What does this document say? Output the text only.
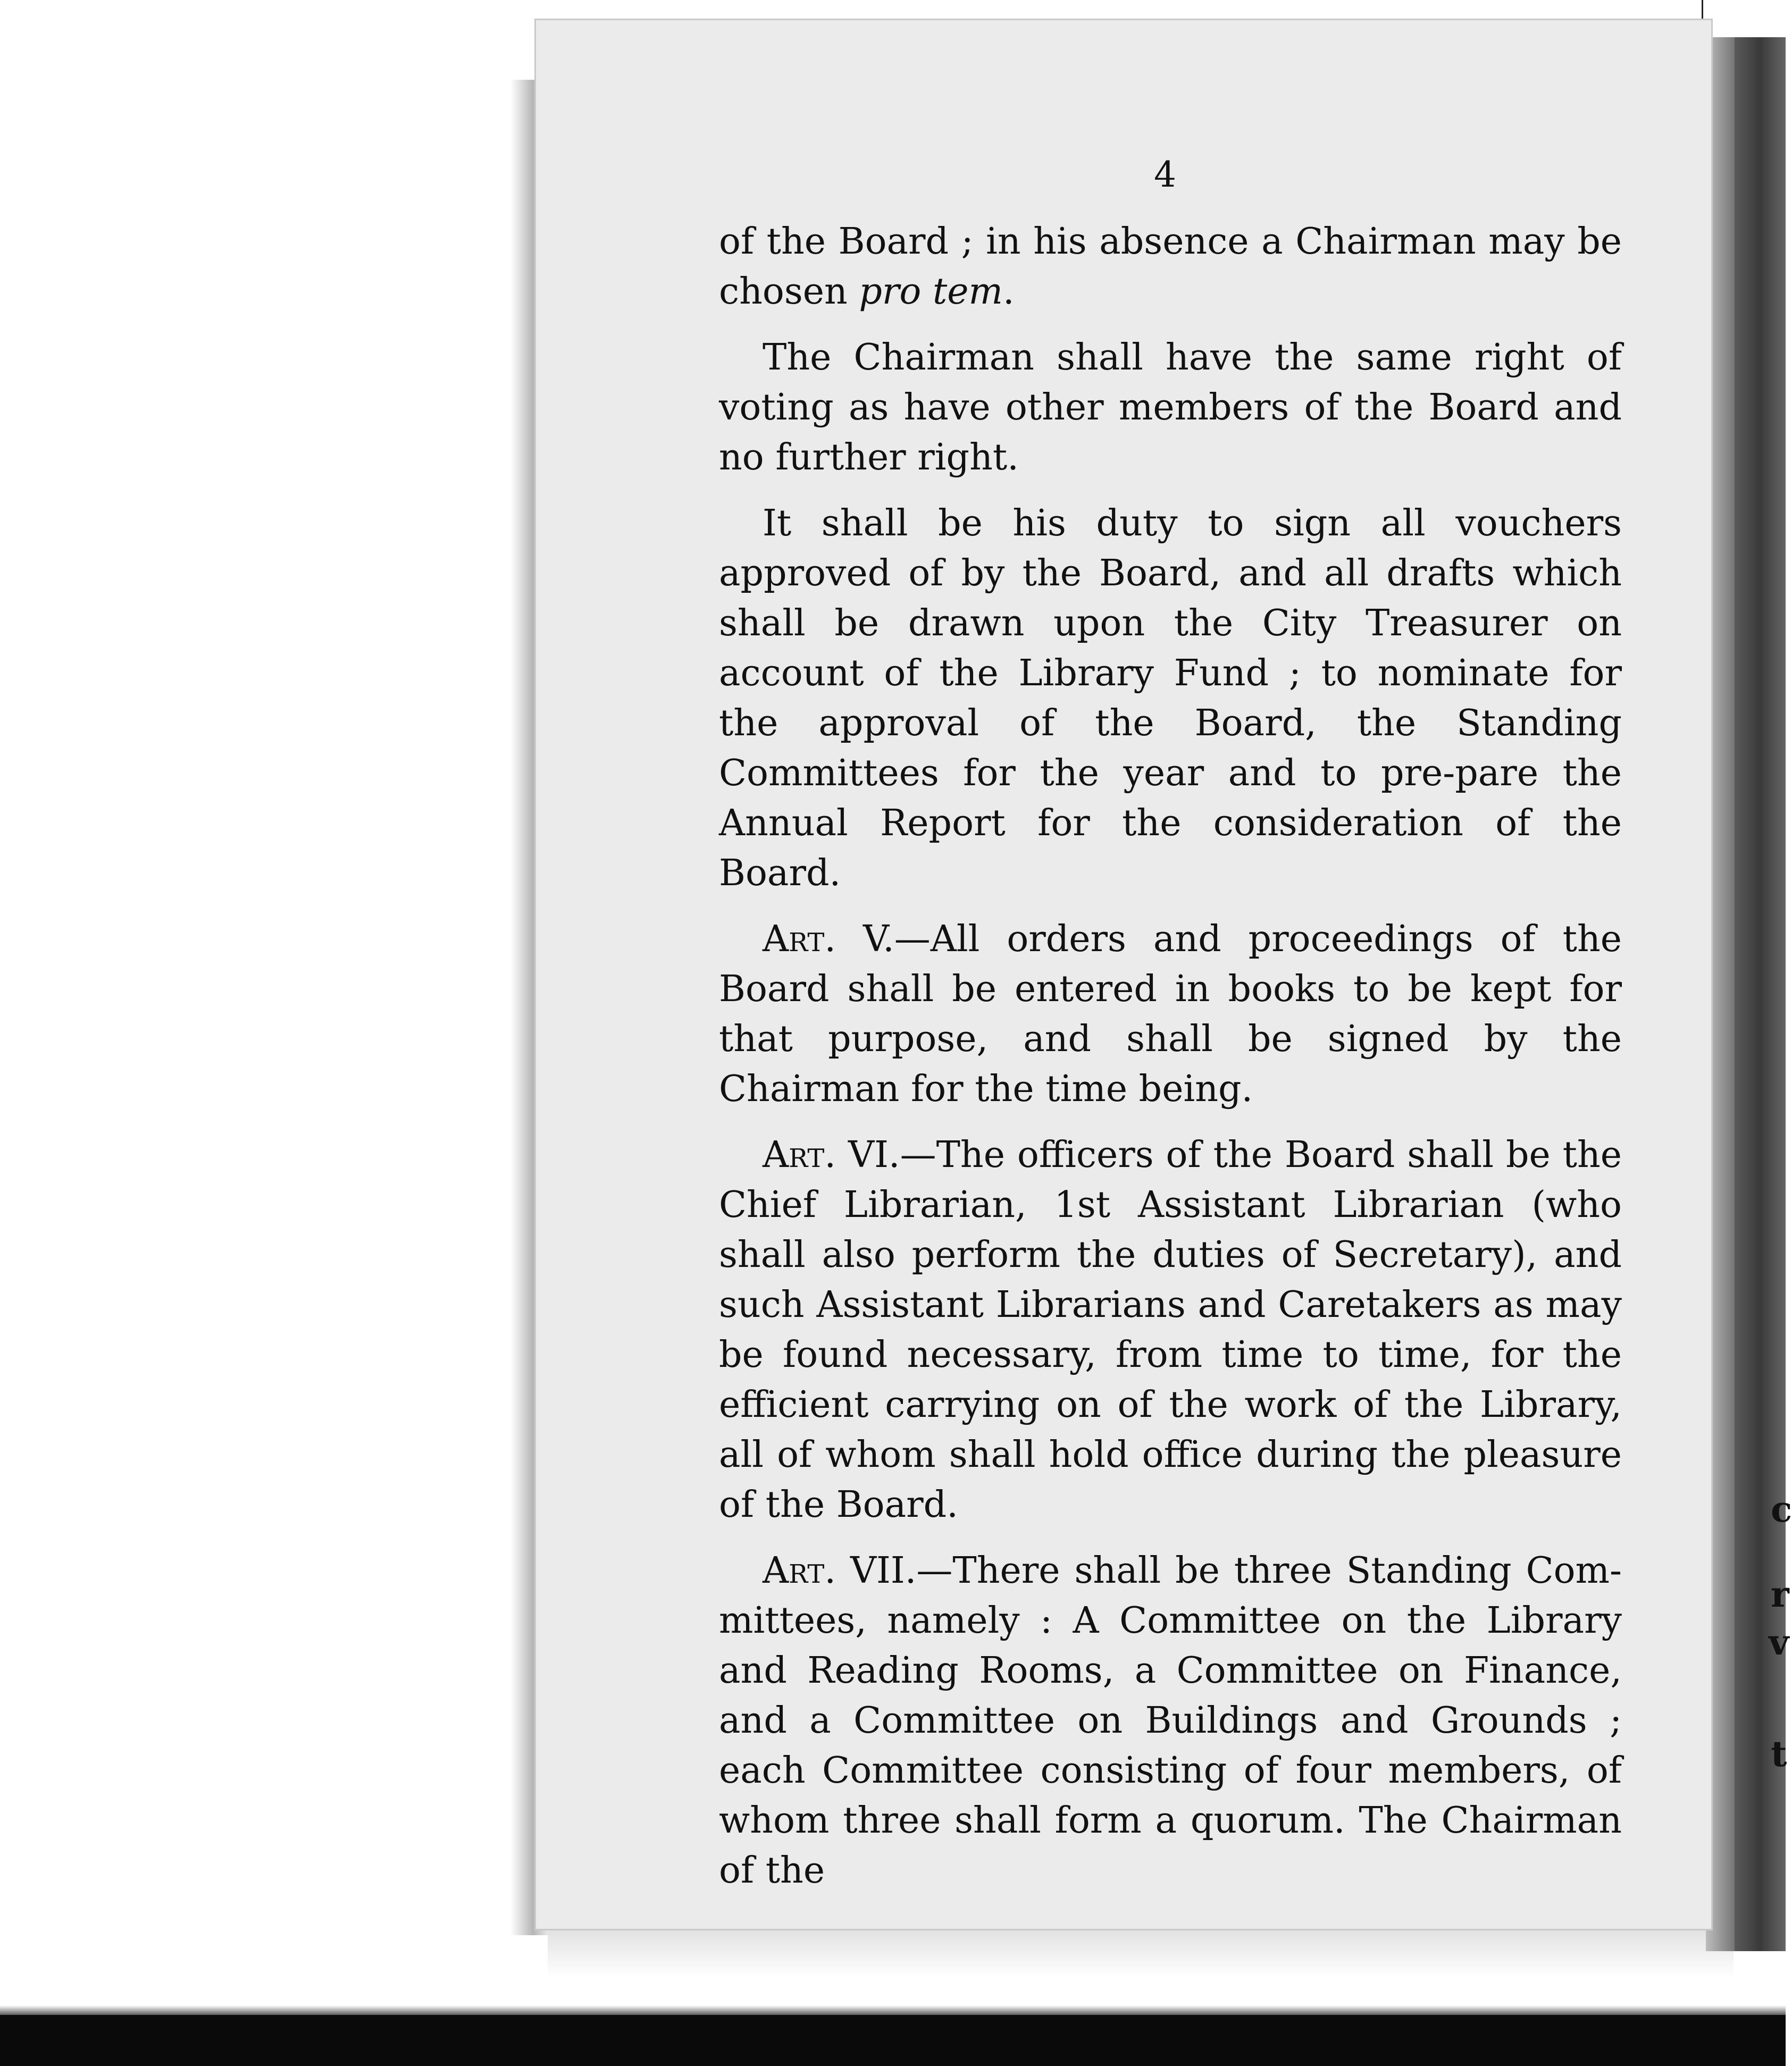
4

of the Board ; in his absence a Chairman may be chosen pro tem.

The Chairman shall have the same right of voting as have other members of the Board and no further right.

It shall be his duty to sign all vouchers approved of by the Board, and all drafts which shall be drawn upon the City Treasurer on account of the Library Fund ; to nominate for the approval of the Board, the Standing Committees for the year and to pre-pare the Annual Report for the consideration of the Board.

Art. V.—All orders and proceedings of the Board shall be entered in books to be kept for that purpose, and shall be signed by the Chairman for the time being.

Art. VI.—The officers of the Board shall be the Chief Librarian, 1st Assistant Librarian (who shall also perform the duties of Secretary), and such Assistant Librarians and Caretakers as may be found necessary, from time to time, for the efficient carrying on of the work of the Library, all of whom shall hold office during the pleasure of the Board.

Art. VII.—There shall be three Standing Com-mittees, namely : A Committee on the Library and Reading Rooms, a Committee on Finance, and a Committee on Buildings and Grounds ; each Committee consisting of four members, of whom three shall form a quorum. The Chairman of the

c
r
v
t
